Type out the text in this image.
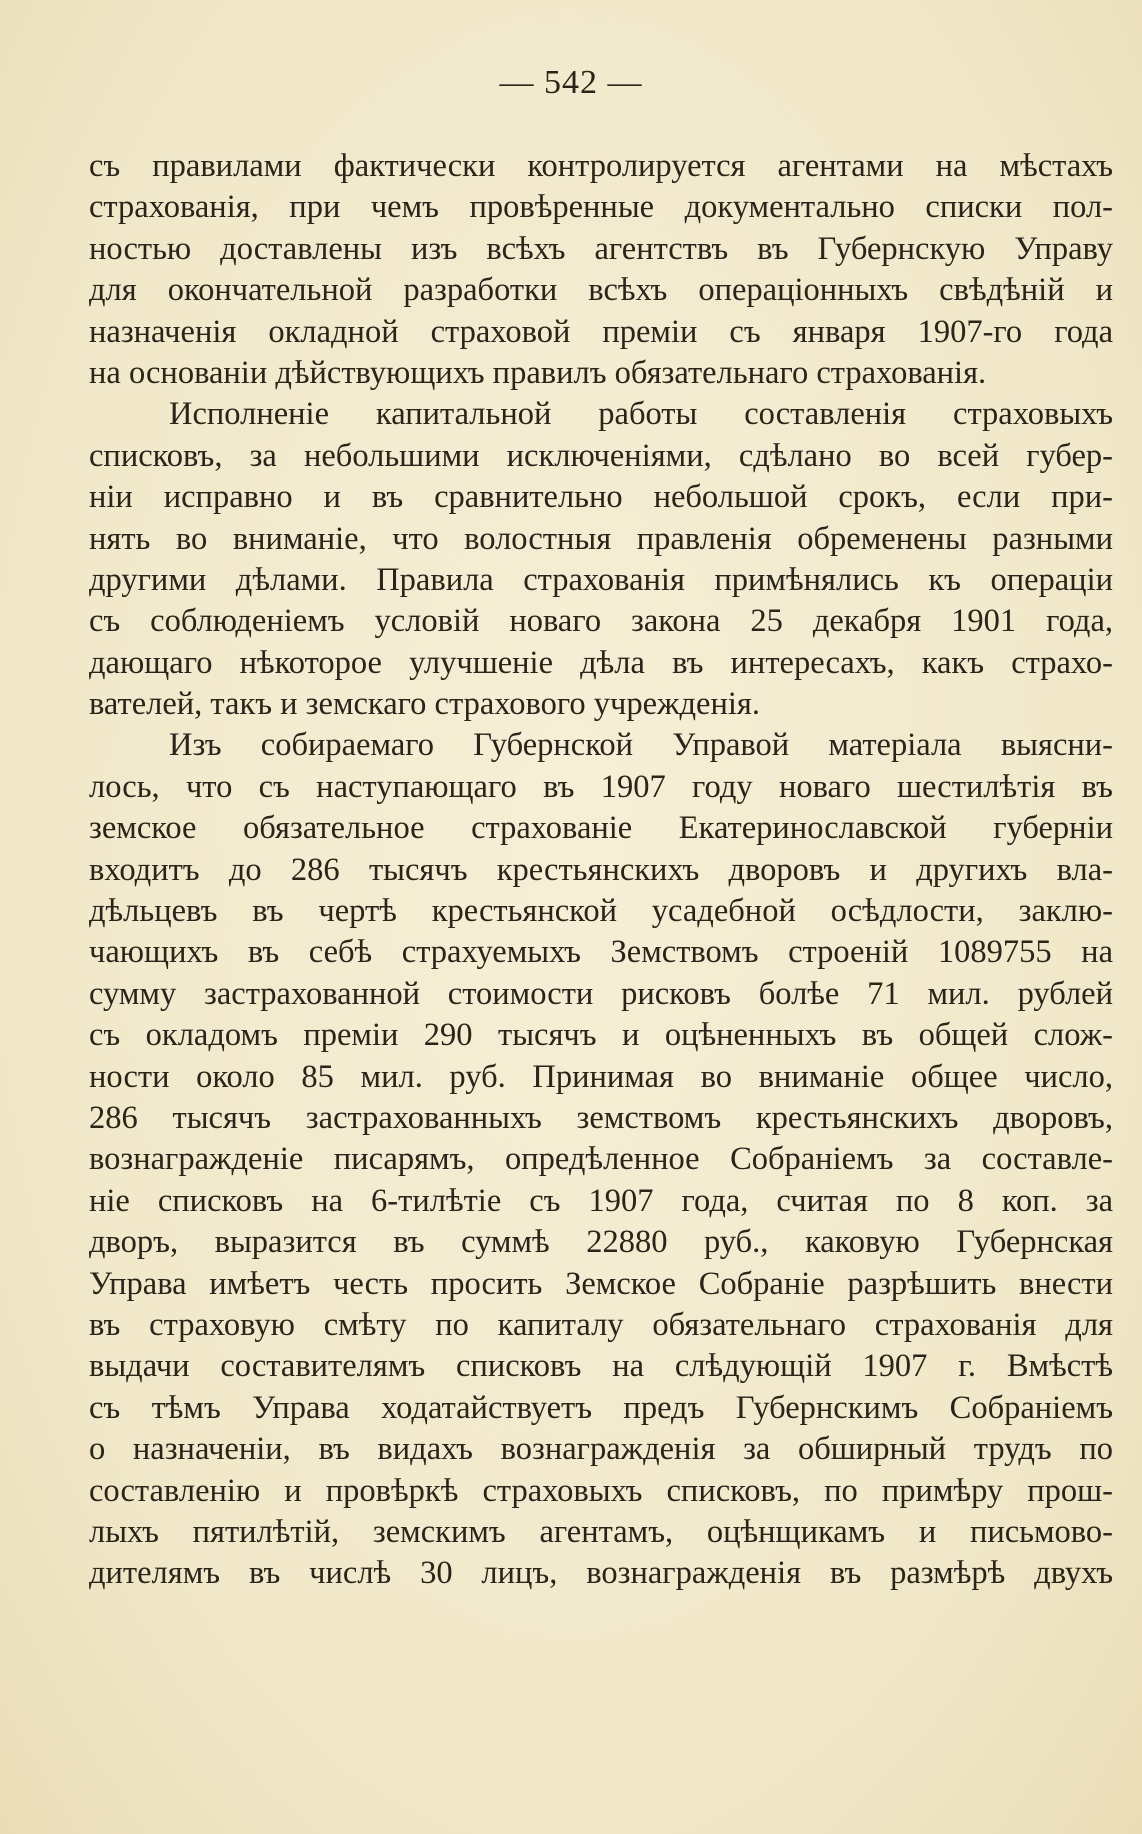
— 542 —
съ правилами фактически контролируется агентами на мѣстахъ
страхованія, при чемъ провѣренные документально списки пол-
ностью доставлены изъ всѣхъ агентствъ въ Губернскую Управу
для окончательной разработки всѣхъ операціонныхъ свѣдѣній и
назначенія окладной страховой преміи съ января 1907-го года
на основаніи дѣйствующихъ правилъ обязательнаго страхованія.
Исполненіе капитальной работы составленія страховыхъ
списковъ, за небольшими исключеніями, сдѣлано во всей губер-
ніи исправно и въ сравнительно небольшой срокъ, если при-
нять во вниманіе, что волостныя правленія обременены разными
другими дѣлами. Правила страхованія примѣнялись къ операціи
съ соблюденіемъ условій новаго закона 25 декабря 1901 года,
дающаго нѣкоторое улучшеніе дѣла въ интересахъ, какъ страхо-
вателей, такъ и земскаго страхового учрежденія.
Изъ собираемаго Губернской Управой матеріала выясни-
лось, что съ наступающаго въ 1907 году новаго шестилѣтія въ
земское обязательное страхованіе Екатеринославской губерніи
входитъ до 286 тысячъ крестьянскихъ дворовъ и другихъ вла-
дѣльцевъ въ чертѣ крестьянской усадебной осѣдлости, заклю-
чающихъ въ себѣ страхуемыхъ Земствомъ строеній 1089755 на
сумму застрахованной стоимости рисковъ болѣе 71 мил. рублей
съ окладомъ преміи 290 тысячъ и оцѣненныхъ въ общей слож-
ности около 85 мил. руб. Принимая во вниманіе общее число,
286 тысячъ застрахованныхъ земствомъ крестьянскихъ дворовъ,
вознагражденіе писарямъ, опредѣленное Собраніемъ за составле-
ніе списковъ на 6-тилѣтіе съ 1907 года, считая по 8 коп. за
дворъ, выразится въ суммѣ 22880 руб., каковую Губернская
Управа имѣетъ честь просить Земское Собраніе разрѣшить внести
въ страховую смѣту по капиталу обязательнаго страхованія для
выдачи составителямъ списковъ на слѣдующій 1907 г. Вмѣстѣ
съ тѣмъ Управа ходатайствуетъ предъ Губернскимъ Собраніемъ
о назначеніи, въ видахъ вознагражденія за обширный трудъ по
составленію и провѣркѣ страховыхъ списковъ, по примѣру прош-
лыхъ пятилѣтій, земскимъ агентамъ, оцѣнщикамъ и письмово-
дителямъ въ числѣ 30 лицъ, вознагражденія въ размѣрѣ двухъ
